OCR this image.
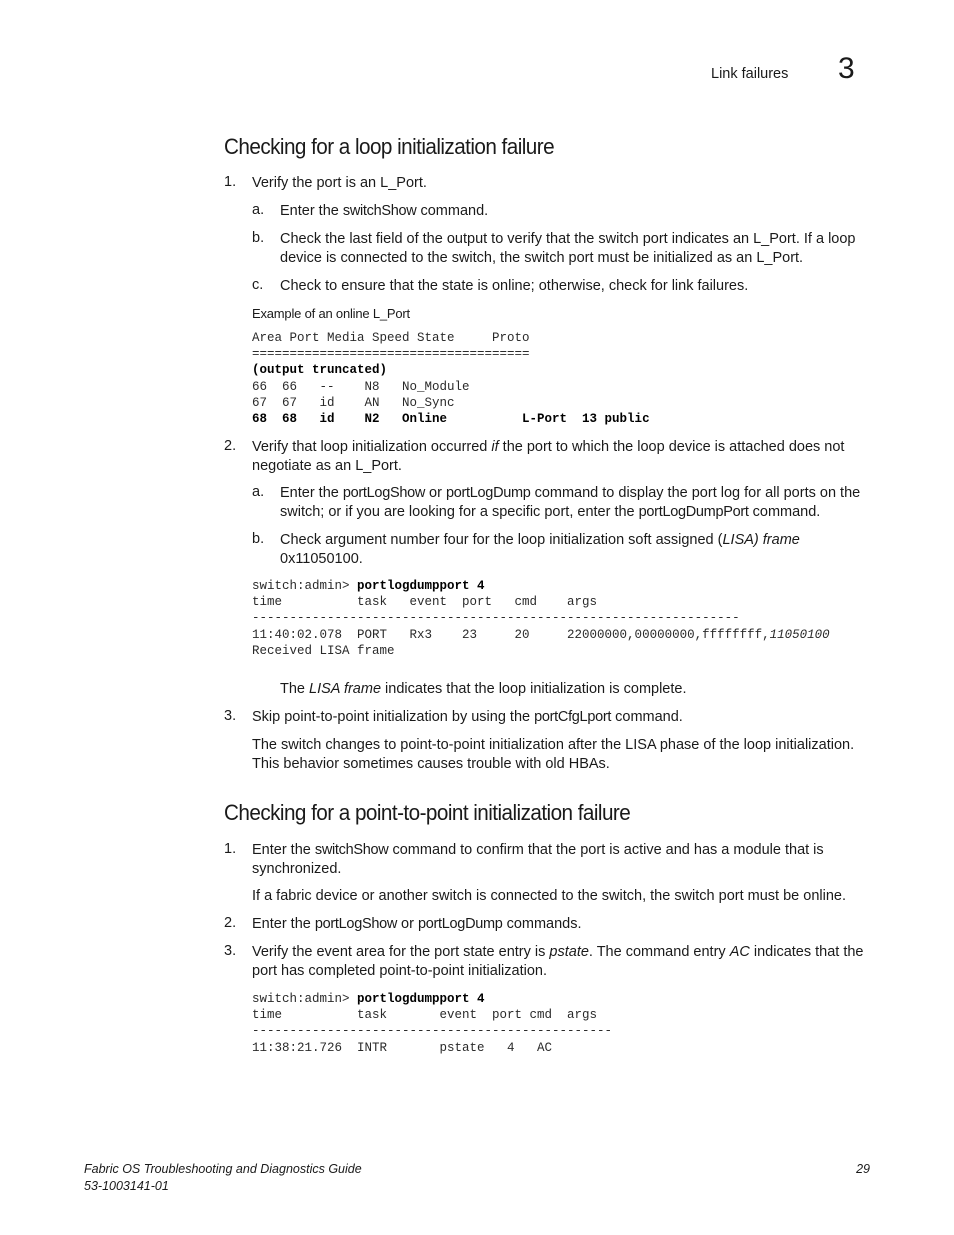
Link failures 3
Checking for a loop initialization failure
1. Verify the port is an L_Port.
a. Enter the switchShow command.
b. Check the last field of the output to verify that the switch port indicates an L_Port. If a loop device is connected to the switch, the switch port must be initialized as an L_Port.
c. Check to ensure that the state is online; otherwise, check for link failures.
Example of an online L_Port
Area Port Media Speed State     Proto
=====================================
(output truncated)
66  66   --    N8   No_Module
67  67   id    AN   No_Sync
68  68   id    N2   Online          L-Port  13 public
2. Verify that loop initialization occurred if the port to which the loop device is attached does not negotiate as an L_Port.
a. Enter the portLogShow or portLogDump command to display the port log for all ports on the switch; or if you are looking for a specific port, enter the portLogDumpPort command.
b. Check argument number four for the loop initialization soft assigned (LISA) frame 0x11050100.
switch:admin> portlogdumpport 4
time          task   event  port   cmd    args
-----------------------------------------------------------------
11:40:02.078  PORT   Rx3    23     20     22000000,00000000,ffffffff,11050100
Received LISA frame
The LISA frame indicates that the loop initialization is complete.
3. Skip point-to-point initialization by using the portCfgLport command.
The switch changes to point-to-point initialization after the LISA phase of the loop initialization. This behavior sometimes causes trouble with old HBAs.
Checking for a point-to-point initialization failure
1. Enter the switchShow command to confirm that the port is active and has a module that is synchronized.
If a fabric device or another switch is connected to the switch, the switch port must be online.
2. Enter the portLogShow or portLogDump commands.
3. Verify the event area for the port state entry is pstate. The command entry AC indicates that the port has completed point-to-point initialization.
switch:admin> portlogdumpport 4
time          task       event  port cmd  args
------------------------------------------------
11:38:21.726  INTR       pstate   4   AC
Fabric OS Troubleshooting and Diagnostics Guide
53-1003141-01
29
